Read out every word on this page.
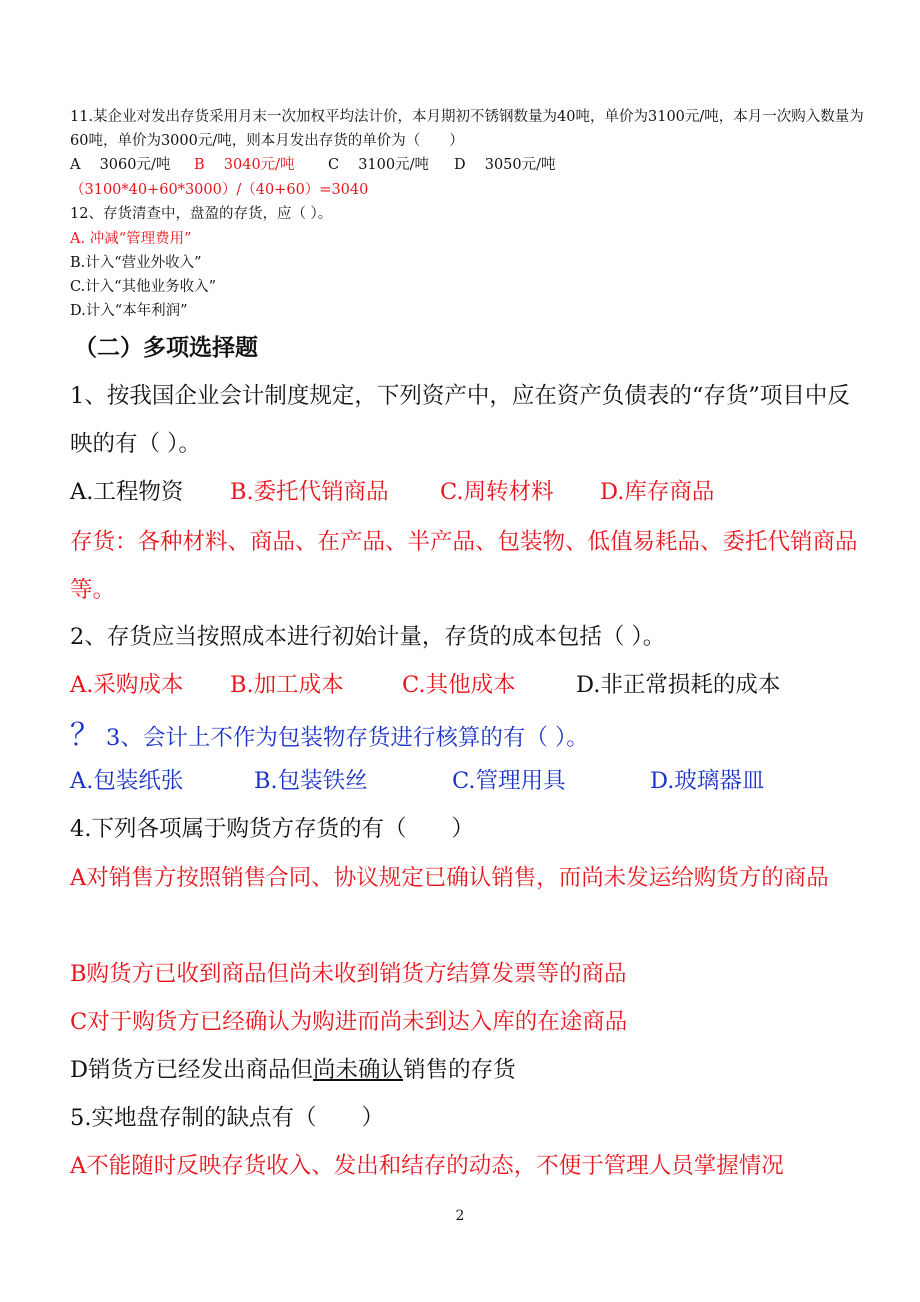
11.某企业对发出存货采用月末一次加权平均法计价，本月期初不锈钢数量为40吨，单价为3100元/吨，本月一次购入数量为60吨，单价为3000元/吨，则本月发出存货的单价为（　　）
A　 3060元/吨 B　 3040元/吨 C　 3100元/吨 D　 3050元/吨
（3100*40+60*3000）/（40+60）=3040
12、存货清查中，盘盈的存货，应（ ）。
A. 冲减“管理费用”
B.计入“营业外收入”
C.计入“其他业务收入”
D.计入“本年利润”
（二）多项选择题
1、按我国企业会计制度规定，下列资产中，应在资产负债表的“存货”项目中反映的有（ ）。
A.工程物资 B.委托代销商品 C.周转材料 D.库存商品
存货：各种材料、商品、在产品、半产品、包装物、低值易耗品、委托代销商品等。
2、存货应当按照成本进行初始计量，存货的成本包括（ ）。
A.采购成本 B.加工成本	C.其他成本	D.非正常损耗的成本
？ 3、会计上不作为包装物存货进行核算的有（ ）。
A.包装纸张	B.包装铁丝	C.管理用具	D.玻璃器皿
4.下列各项属于购货方存货的有（　　）
A对销售方按照销售合同、协议规定已确认销售，而尚未发运给购货方的商品
B购货方已收到商品但尚未收到销货方结算发票等的商品
C对于购货方已经确认为购进而尚未到达入库的在途商品
D销货方已经发出商品但尚未确认销售的存货
5.实地盘存制的缺点有（　　）
A不能随时反映存货收入、发出和结存的动态，不便于管理人员掌握情况
2
